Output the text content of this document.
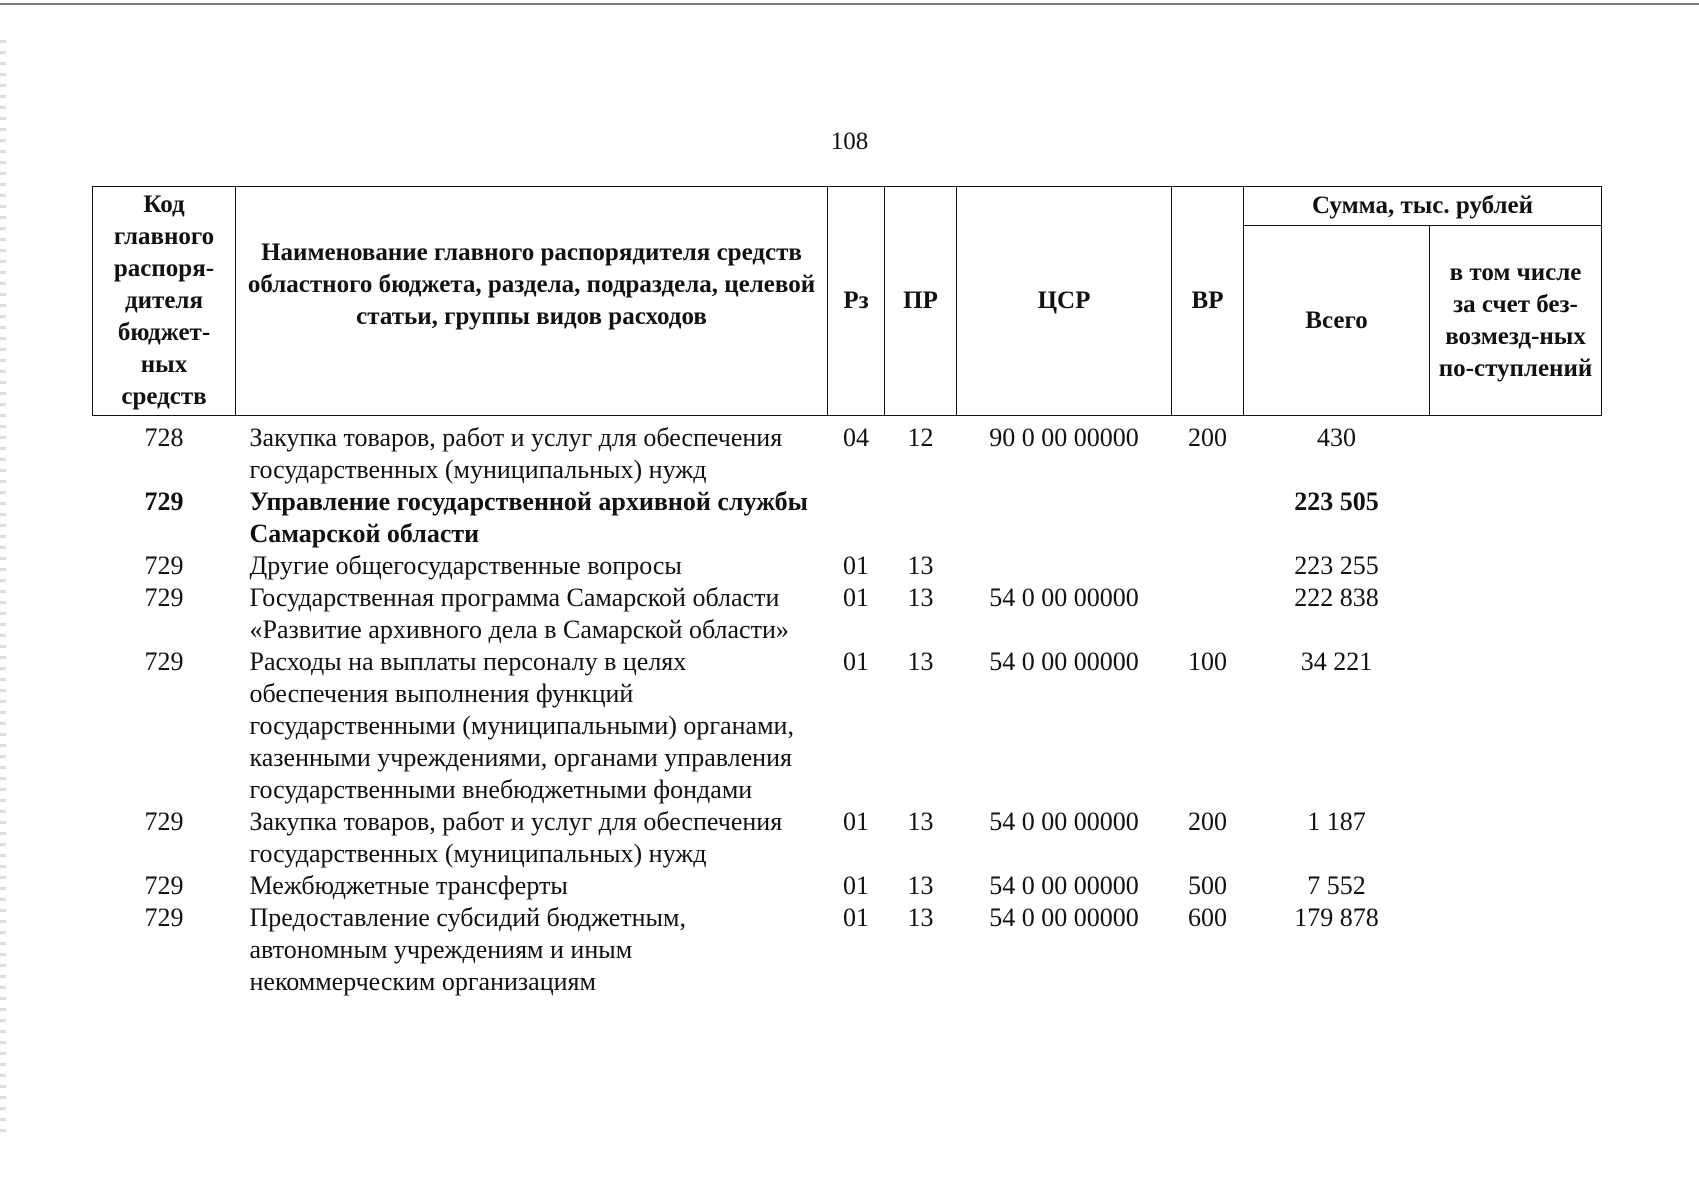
108
Код главного распоря-дителя бюджет-ных средств	Наименование главного распорядителя средств областного бюджета, раздела, подраздела, целевой статьи, группы видов расходов	Рз	ПР	ЦСР	ВР	Сумма, тыс. рублей	
						Всего	в том числе за счет без-возмезд-ных по-ступлений
728	Закупка товаров, работ и услуг для обеспечения государственных (муниципальных) нужд	04	12	90 0 00 00000	200	430	
729	Управление государственной архивной службы Самарской области					223 505	
729	Другие общегосударственные вопросы	01	13			223 255	
729	Государственная программа Самарской области «Развитие архивного дела в Самарской области»	01	13	54 0 00 00000		222 838	
729	Расходы на выплаты персоналу в целях обеспечения выполнения функций государственными (муниципальными) органами, казенными учреждениями, органами управления государственными внебюджетными фондами	01	13	54 0 00 00000	100	34 221	
729	Закупка товаров, работ и услуг для обеспечения государственных (муниципальных) нужд	01	13	54 0 00 00000	200	1 187	
729	Межбюджетные трансферты	01	13	54 0 00 00000	500	7 552	
729	Предоставление субсидий бюджетным, автономным учреждениям и иным некоммерческим организациям	01	13	54 0 00 00000	600	179 878	
